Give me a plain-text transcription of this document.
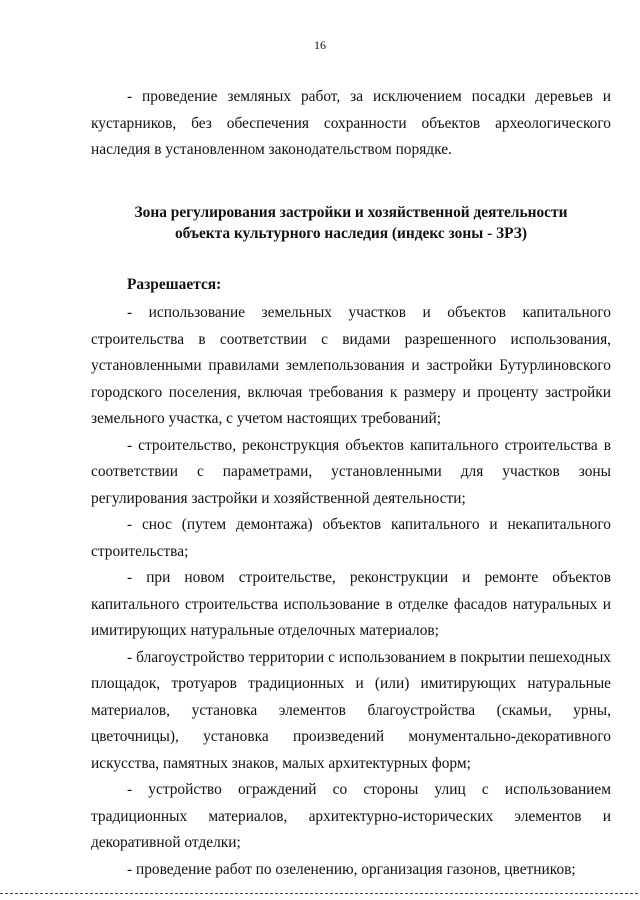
16

- проведение земляных работ, за исключением посадки деревьев и кустарников, без обеспечения сохранности объектов археологического наследия в установленном законодательством порядке.

Зона регулирования застройки и хозяйственной деятельности
объекта культурного наследия (индекс зоны - ЗРЗ)

Разрешается:

- использование земельных участков и объектов капитального строительства в соответствии с видами разрешенного использования, установленными правилами землепользования и застройки Бутурлиновского городского поселения, включая требования к размеру и проценту застройки земельного участка, с учетом настоящих требований;

- строительство, реконструкция объектов капитального строительства в соответствии с параметрами, установленными для участков зоны регулирования застройки и хозяйственной деятельности;

- снос (путем демонтажа) объектов капитального и некапитального строительства;

- при новом строительстве, реконструкции и ремонте объектов капитального строительства использование в отделке фасадов натуральных и имитирующих натуральные отделочных материалов;

- благоустройство территории с использованием в покрытии пешеходных площадок, тротуаров традиционных и (или) имитирующих натуральные материалов, установка элементов благоустройства (скамьи, урны, цветочницы), установка произведений монументально-декоративного искусства, памятных знаков, малых архитектурных форм;

- устройство ограждений со стороны улиц с использованием традиционных материалов, архитектурно-исторических элементов и декоративной отделки;

- проведение работ по озеленению, организация газонов, цветников;
